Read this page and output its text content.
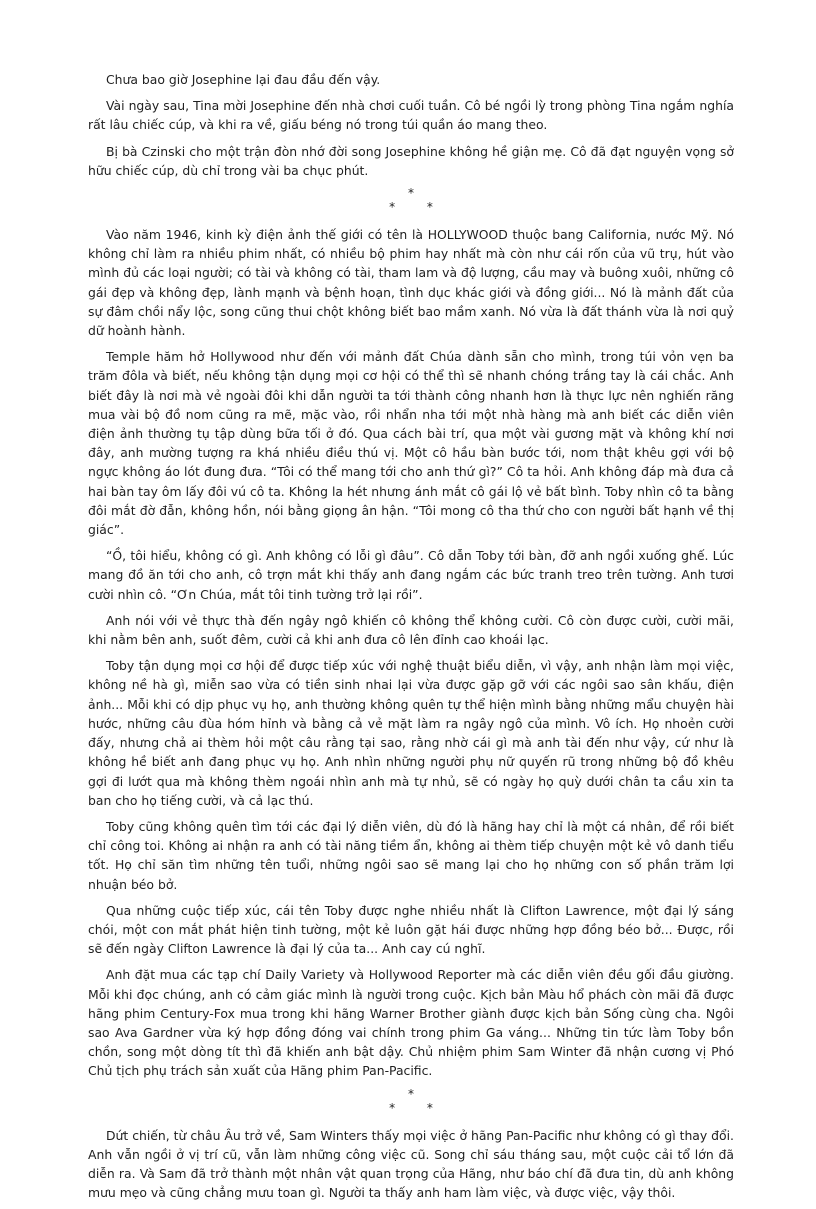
Chưa bao giờ Josephine lại đau đầu đến vậy.

Vài ngày sau, Tina mời Josephine đến nhà chơi cuối tuần. Cô bé ngồi lỳ trong phòng Tina ngắm nghía rất lâu chiếc cúp, và khi ra về, giấu béng nó trong túi quần áo mang theo.

Bị bà Czinski cho một trận đòn nhớ đời song Josephine không hề giận mẹ. Cô đã đạt nguyện vọng sở hữu chiếc cúp, dù chỉ trong vài ba chục phút.

*
* *

Vào năm 1946, kinh kỳ điện ảnh thế giới có tên là HOLLYWOOD thuộc bang California, nước Mỹ. Nó không chỉ làm ra nhiều phim nhất, có nhiều bộ phim hay nhất mà còn như cái rốn của vũ trụ, hút vào mình đủ các loại người; có tài và không có tài, tham lam và độ lượng, cầu may và buông xuôi, những cô gái đẹp và không đẹp, lành mạnh và bệnh hoạn, tình dục khác giới và đồng giới... Nó là mảnh đất của sự đâm chồi nẩy lộc, song cũng thui chột không biết bao mầm xanh. Nó vừa là đất thánh vừa là nơi quỷ dữ hoành hành.

Temple hăm hở Hollywood như đến với mảnh đất Chúa dành sẵn cho mình, trong túi vỏn vẹn ba trăm đôla và biết, nếu không tận dụng mọi cơ hội có thể thì sẽ nhanh chóng trắng tay là cái chắc. Anh biết đây là nơi mà vẻ ngoài đôi khi dẫn người ta tới thành công nhanh hơn là thực lực nên nghiến răng mua vài bộ đồ nom cũng ra mẽ, mặc vào, rồi nhẩn nha tới một nhà hàng mà anh biết các diễn viên điện ảnh thường tụ tập dùng bữa tối ở đó. Qua cách bài trí, qua một vài gương mặt và không khí nơi đây, anh mường tượng ra khá nhiều điều thú vị. Một cô hầu bàn bước tới, nom thật khêu gợi với bộ ngực không áo lót đung đưa. “Tôi có thể mang tới cho anh thứ gì?” Cô ta hỏi. Anh không đáp mà đưa cả hai bàn tay ôm lấy đôi vú cô ta. Không la hét nhưng ánh mắt cô gái lộ vẻ bất bình. Toby nhìn cô ta bằng đôi mắt đờ đẫn, không hồn, nói bằng giọng ân hận. “Tôi mong cô tha thứ cho con người bất hạnh về thị giác”.

“Ồ, tôi hiểu, không có gì. Anh không có lỗi gì đâu”. Cô dẫn Toby tới bàn, đỡ anh ngồi xuống ghế. Lúc mang đồ ăn tới cho anh, cô trợn mắt khi thấy anh đang ngắm các bức tranh treo trên tường. Anh tươi cười nhìn cô. “Ơn Chúa, mắt tôi tinh tường trở lại rồi”.

Anh nói với vẻ thực thà đến ngây ngô khiến cô không thể không cười. Cô còn được cười, cười mãi, khi nằm bên anh, suốt đêm, cười cả khi anh đưa cô lên đỉnh cao khoái lạc.

Toby tận dụng mọi cơ hội để được tiếp xúc với nghệ thuật biểu diễn, vì vậy, anh nhận làm mọi việc, không nề hà gì, miễn sao vừa có tiền sinh nhai lại vừa được gặp gỡ với các ngôi sao sân khấu, điện ảnh... Mỗi khi có dịp phục vụ họ, anh thường không quên tự thể hiện mình bằng những mẩu chuyện hài hước, những câu đùa hóm hỉnh và bằng cả vẻ mặt làm ra ngây ngô của mình. Vô ích. Họ nhoẻn cười đấy, nhưng chả ai thèm hỏi một câu rằng tại sao, rằng nhờ cái gì mà anh tài đến như vậy, cứ như là không hề biết anh đang phục vụ họ. Anh nhìn những người phụ nữ quyến rũ trong những bộ đồ khêu gợi đi lướt qua mà không thèm ngoái nhìn anh mà tự nhủ, sẽ có ngày họ quỳ dưới chân ta cầu xin ta ban cho họ tiếng cười, và cả lạc thú.

Toby cũng không quên tìm tới các đại lý diễn viên, dù đó là hãng hay chỉ là một cá nhân, để rồi biết chỉ công toi. Không ai nhận ra anh có tài năng tiềm ẩn, không ai thèm tiếp chuyện một kẻ vô danh tiểu tốt. Họ chỉ săn tìm những tên tuổi, những ngôi sao sẽ mang lại cho họ những con số phần trăm lợi nhuận béo bở.

Qua những cuộc tiếp xúc, cái tên Toby được nghe nhiều nhất là Clifton Lawrence, một đại lý sáng chói, một con mắt phát hiện tinh tường, một kẻ luôn gặt hái được những hợp đồng béo bở... Được, rồi sẽ đến ngày Clifton Lawrence là đại lý của ta... Anh cay cú nghĩ.

Anh đặt mua các tạp chí Daily Variety và Hollywood Reporter mà các diễn viên đều gối đầu giường. Mỗi khi đọc chúng, anh có cảm giác mình là người trong cuộc. Kịch bản Màu hổ phách còn mãi đã được hãng phim Century-Fox mua trong khi hãng Warner Brother giành được kịch bản Sống cùng cha. Ngôi sao Ava Gardner vừa ký hợp đồng đóng vai chính trong phim Ga váng... Những tin tức làm Toby bồn chồn, song một dòng tít thì đã khiến anh bật dậy. Chủ nhiệm phim Sam Winter đã nhận cương vị Phó Chủ tịch phụ trách sản xuất của Hãng phim Pan-Pacific.

*
* *

Dứt chiến, từ châu Âu trở về, Sam Winters thấy mọi việc ở hãng Pan-Pacific như không có gì thay đổi. Anh vẫn ngồi ở vị trí cũ, vẫn làm những công việc cũ. Song chỉ sáu tháng sau, một cuộc cải tổ lớn đã diễn ra. Và Sam đã trở thành một nhân vật quan trọng của Hãng, như báo chí đã đưa tin, dù anh không mưu mẹo và cũng chẳng mưu toan gì. Người ta thấy anh ham làm việc, và được việc, vậy thôi.
